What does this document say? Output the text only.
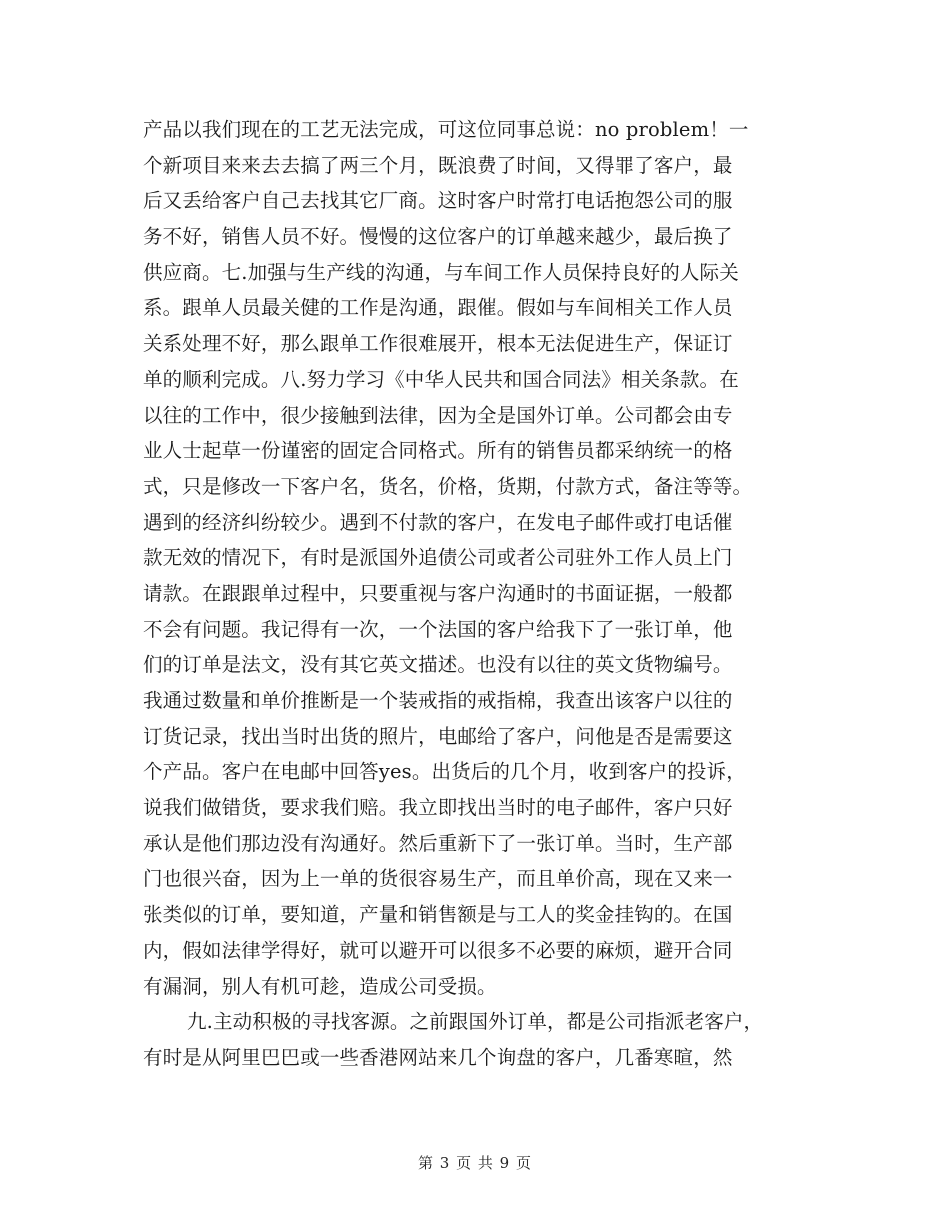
产品以我们现在的工艺无法完成，可这位同事总说：no problem！一
个新项目来来去去搞了两三个月，既浪费了时间，又得罪了客户，最
后又丢给客户自己去找其它厂商。这时客户时常打电话抱怨公司的服
务不好，销售人员不好。慢慢的这位客户的订单越来越少，最后换了
供应商。七.加强与生产线的沟通，与车间工作人员保持良好的人际关
系。跟单人员最关健的工作是沟通，跟催。假如与车间相关工作人员
关系处理不好，那么跟单工作很难展开，根本无法促进生产，保证订
单的顺利完成。八.努力学习《中华人民共和国合同法》相关条款。在
以往的工作中，很少接触到法律，因为全是国外订单。公司都会由专
业人士起草一份谨密的固定合同格式。所有的销售员都采纳统一的格
式，只是修改一下客户名，货名，价格，货期，付款方式，备注等等。
遇到的经济纠纷较少。遇到不付款的客户，在发电子邮件或打电话催
款无效的情况下，有时是派国外追债公司或者公司驻外工作人员上门
请款。在跟跟单过程中，只要重视与客户沟通时的书面证据，一般都
不会有问题。我记得有一次，一个法国的客户给我下了一张订单，他
们的订单是法文，没有其它英文描述。也没有以往的英文货物编号。
我通过数量和单价推断是一个装戒指的戒指棉，我查出该客户以往的
订货记录，找出当时出货的照片，电邮给了客户，问他是否是需要这
个产品。客户在电邮中回答yes。出货后的几个月，收到客户的投诉，
说我们做错货，要求我们赔。我立即找出当时的电子邮件，客户只好
承认是他们那边没有沟通好。然后重新下了一张订单。当时，生产部
门也很兴奋，因为上一单的货很容易生产，而且单价高，现在又来一
张类似的订单，要知道，产量和销售额是与工人的奖金挂钩的。在国
内，假如法律学得好，就可以避开可以很多不必要的麻烦，避开合同
有漏洞，别人有机可趁，造成公司受损。
九.主动积极的寻找客源。之前跟国外订单，都是公司指派老客户，
有时是从阿里巴巴或一些香港网站来几个询盘的客户，几番寒暄，然
第 3 页 共 9 页
